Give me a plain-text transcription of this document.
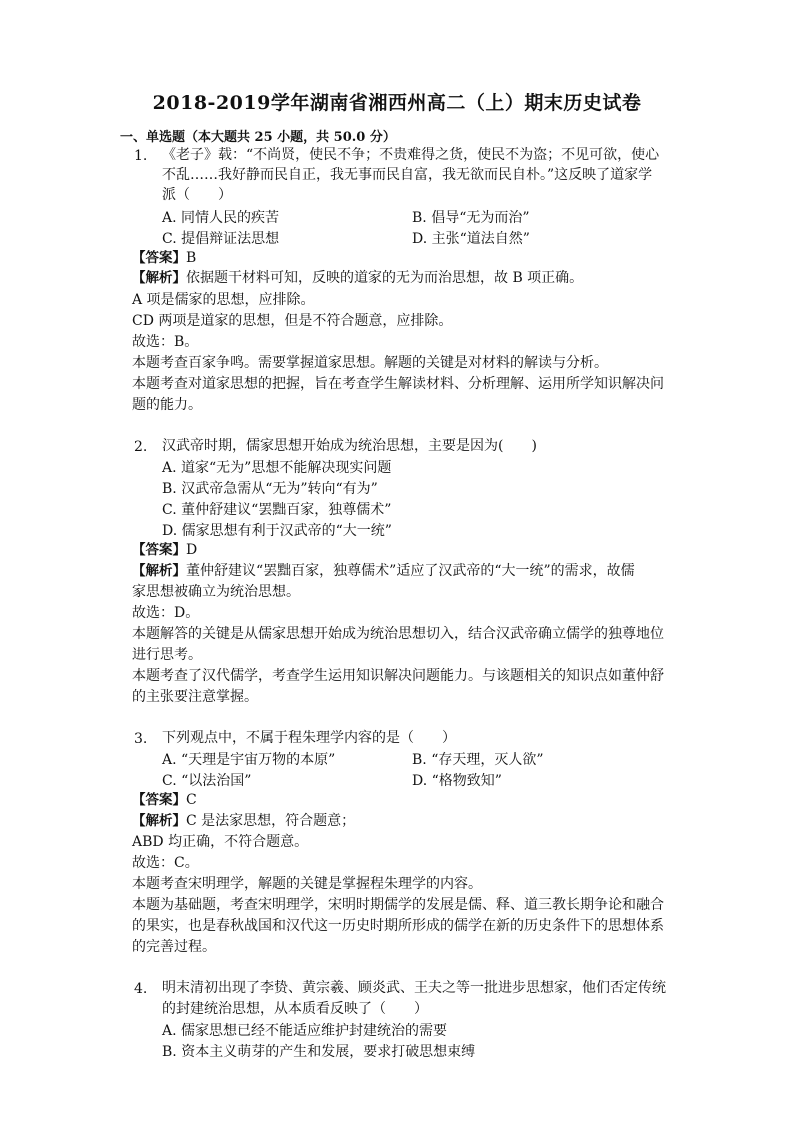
2018-2019学年湖南省湘西州高二（上）期末历史试卷
一、单选题（本大题共 25 小题，共 50.0 分）
1. 《老子》载：“不尚贤，使民不争；不贵难得之货，使民不为盗；不见可欲，使心
不乱……我好静而民自正，我无事而民自富，我无欲而民自朴。”这反映了道家学
派（　　）
A. 同情人民的疾苦	B. 倡导“无为而治”
C. 提倡辩证法思想	D. 主张“道法自然”
【答案】B
【解析】依据题干材料可知，反映的道家的无为而治思想，故 B 项正确。
A 项是儒家的思想，应排除。
CD 两项是道家的思想，但是不符合题意，应排除。
故选：B。
本题考查百家争鸣。需要掌握道家思想。解题的关键是对材料的解读与分析。
本题考查对道家思想的把握，旨在考查学生解读材料、分析理解、运用所学知识解决问
题的能力。
2. 汉武帝时期，儒家思想开始成为统治思想，主要是因为(　　)
A. 道家“无为”思想不能解决现实问题
B. 汉武帝急需从“无为”转向“有为”
C. 董仲舒建议“罢黜百家，独尊儒术”
D. 儒家思想有利于汉武帝的“大一统”
【答案】D
【解析】董仲舒建议“罢黜百家，独尊儒术”适应了汉武帝的“大一统”的需求，故儒
家思想被确立为统治思想。
故选：D。
本题解答的关键是从儒家思想开始成为统治思想切入，结合汉武帝确立儒学的独尊地位
进行思考。
本题考查了汉代儒学，考查学生运用知识解决问题能力。与该题相关的知识点如董仲舒
的主张要注意掌握。
3. 下列观点中，不属于程朱理学内容的是（　　）
A. “天理是宇宙万物的本原”	B. “存天理，灭人欲”
C. “以法治国”	D. “格物致知”
【答案】C
【解析】C 是法家思想，符合题意；
ABD 均正确，不符合题意。
故选：C。
本题考查宋明理学，解题的关键是掌握程朱理学的内容。
本题为基础题，考查宋明理学，宋明时期儒学的发展是儒、释、道三教长期争论和融合
的果实，也是春秋战国和汉代这一历史时期所形成的儒学在新的历史条件下的思想体系
的完善过程。
4. 明末清初出现了李贽、黄宗羲、顾炎武、王夫之等一批进步思想家，他们否定传统
的封建统治思想，从本质看反映了（　　）
A. 儒家思想已经不能适应维护封建统治的需要
B. 资本主义萌芽的产生和发展，要求打破思想束缚
